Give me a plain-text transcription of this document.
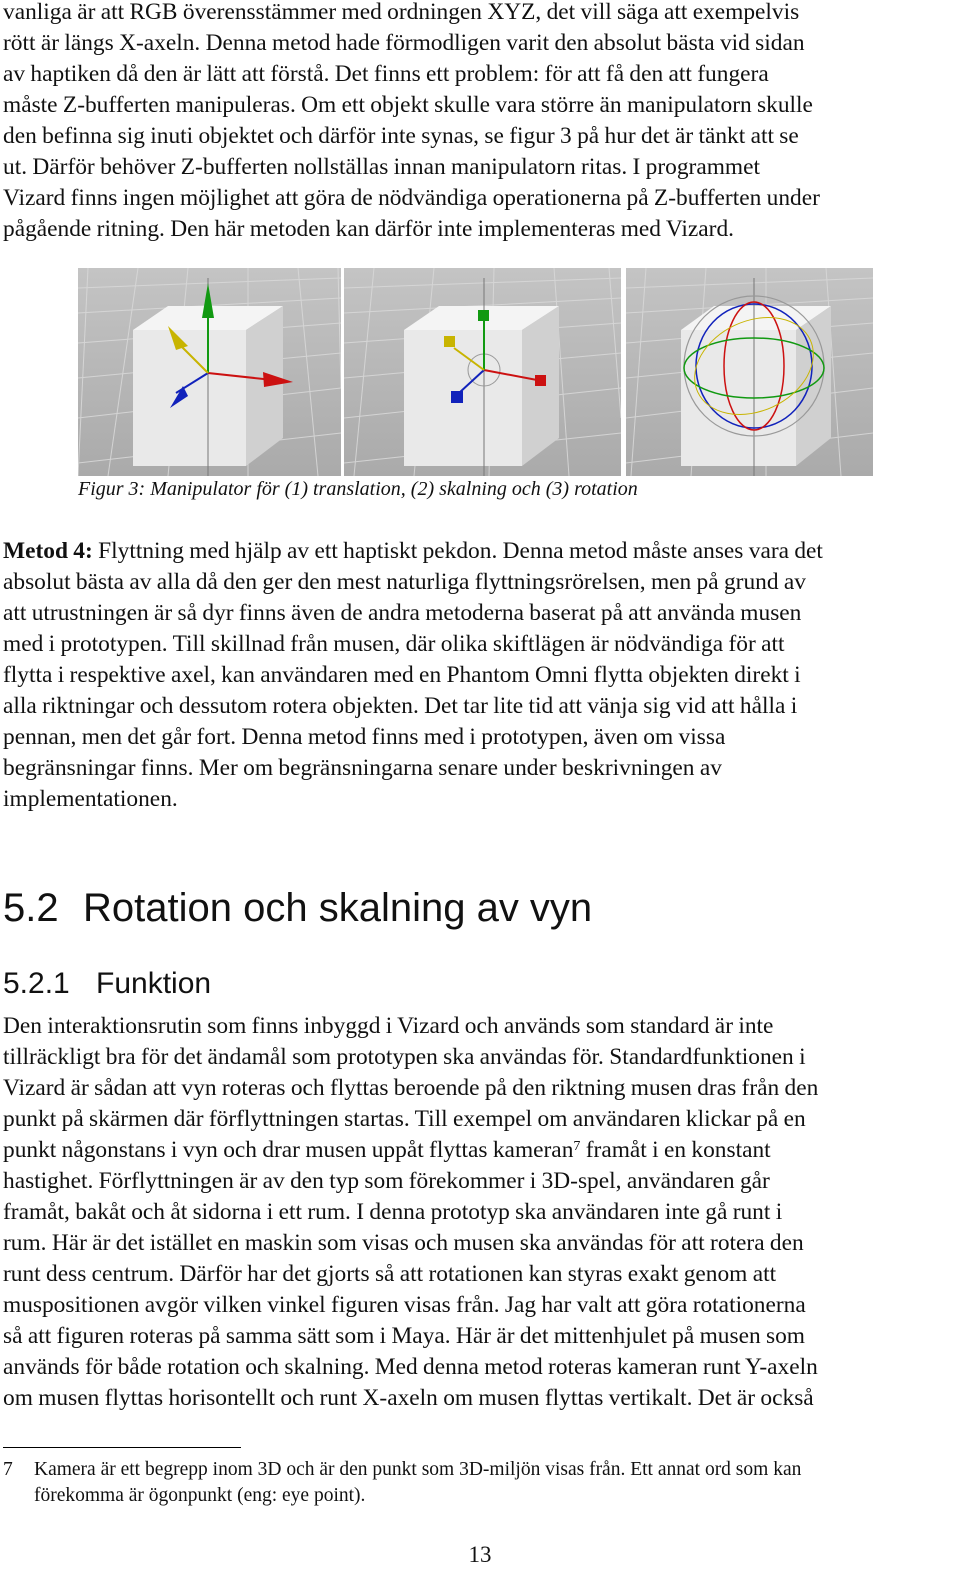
vanliga är att RGB överensstämmer med ordningen XYZ, det vill säga att exempelvis
rött är längs X-axeln. Denna metod hade förmodligen varit den absolut bästa vid sidan
av haptiken då den är lätt att förstå. Det finns ett problem: för att få den att fungera
måste Z-bufferten manipuleras. Om ett objekt skulle vara större än manipulatorn skulle
den befinna sig inuti objektet och därför inte synas, se figur 3 på hur det är tänkt att se
ut. Därför behöver Z-bufferten nollställas innan manipulatorn ritas. I programmet
Vizard finns ingen möjlighet att göra de nödvändiga operationerna på Z-bufferten under
pågående ritning. Den här metoden kan därför inte implementeras med Vizard.
Figur 3: Manipulator för (1) translation, (2) skalning och (3) rotation
Metod 4: Flyttning med hjälp av ett haptiskt pekdon. Denna metod måste anses vara det
absolut bästa av alla då den ger den mest naturliga flyttningsrörelsen, men på grund av
att utrustningen är så dyr finns även de andra metoderna baserat på att använda musen
med i prototypen. Till skillnad från musen, där olika skiftlägen är nödvändiga för att
flytta i respektive axel, kan användaren med en Phantom Omni flytta objekten direkt i
alla riktningar och dessutom rotera objekten. Det tar lite tid att vänja sig vid att hålla i
pennan, men det går fort. Denna metod finns med i prototypen, även om vissa
begränsningar finns. Mer om begränsningarna senare under beskrivningen av
implementationen.
5.2 Rotation och skalning av vyn
5.2.1 Funktion
Den interaktionsrutin som finns inbyggd i Vizard och används som standard är inte
tillräckligt bra för det ändamål som prototypen ska användas för. Standardfunktionen i
Vizard är sådan att vyn roteras och flyttas beroende på den riktning musen dras från den
punkt på skärmen där förflyttningen startas. Till exempel om användaren klickar på en
punkt någonstans i vyn och drar musen uppåt flyttas kameran$^7$ framåt i en konstant
hastighet. Förflyttningen är av den typ som förekommer i 3D-spel, användaren går
framåt, bakåt och åt sidorna i ett rum. I denna prototyp ska användaren inte gå runt i
rum. Här är det istället en maskin som visas och musen ska användas för att rotera den
runt dess centrum. Därför har det gjorts så att rotationen kan styras exakt genom att
muspositionen avgör vilken vinkel figuren visas från. Jag har valt att göra rotationerna
så att figuren roteras på samma sätt som i Maya. Här är det mittenhjulet på musen som
används för både rotation och skalning. Med denna metod roteras kameran runt Y-axeln
om musen flyttas horisontellt och runt X-axeln om musen flyttas vertikalt. Det är också
7 Kamera är ett begrepp inom 3D och är den punkt som 3D-miljön visas från. Ett annat ord som kan
förekomma är ögonpunkt (eng: eye point).
13
